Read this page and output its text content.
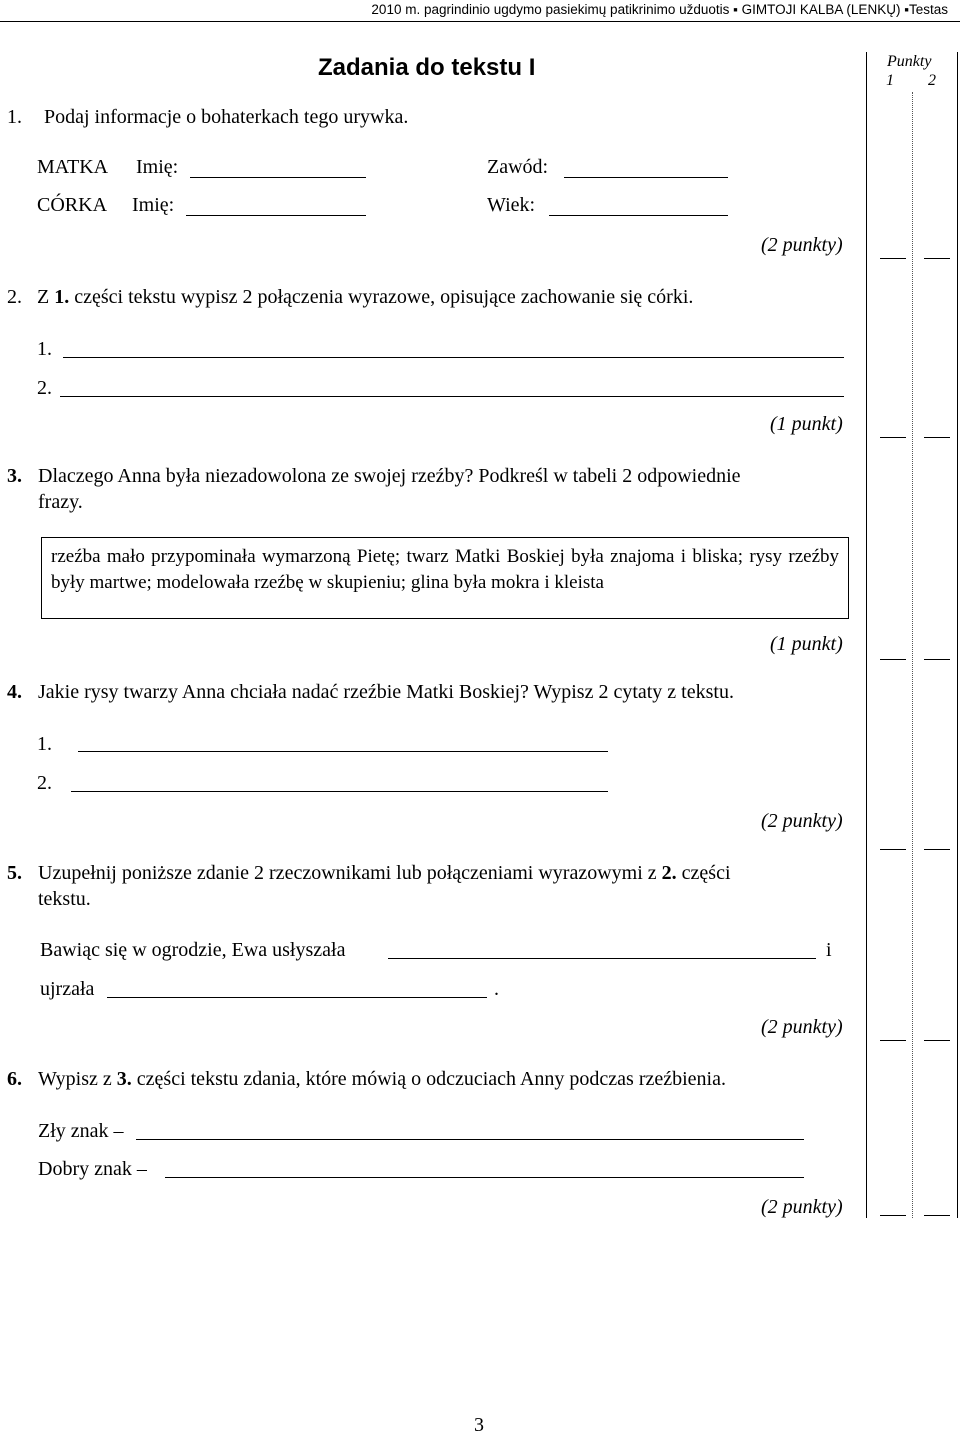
2010 m. pagrindinio ugdymo pasiekimų patikrinimo užduotis ▪ GIMTOJI KALBA (LENKŲ) ▪Testas
Zadania do tekstu I	Punkty
1 2
1. Podaj informacje o bohaterkach tego urywka.
MATKA Imię:	Zawód:
CÓRKA Imię:	Wiek:
(2 punkty)
2. Z 1. części tekstu wypisz 2 połączenia wyrazowe, opisujące zachowanie się córki.
1.
2.
(1 punkt)
3. Dlaczego Anna była niezadowolona ze swojej rzeźby? Podkreśl w tabeli 2 odpowiednie
frazy.

rzeźba mało przypominała wymarzoną Pietę; twarz Matki Boskiej była znajoma i bliska; rysy rzeźby były martwe; modelowała rzeźbę w skupieniu; glina była mokra i kleista

(1 punkt)
4. Jakie rysy twarzy Anna chciała nadać rzeźbie Matki Boskiej? Wypisz 2 cytaty z tekstu.
1.
2.
(2 punkty)
5. Uzupełnij poniższe zdanie 2 rzeczownikami lub połączeniami wyrazowymi z 2. części
tekstu.
Bawiąc się w ogrodzie, Ewa usłyszała	i
ujrzała	.
(2 punkty)
6. Wypisz z 3. części tekstu zdania, które mówią o odczuciach Anny podczas rzeźbienia.
Zły znak –
Dobry znak –
(2 punkty)
3
